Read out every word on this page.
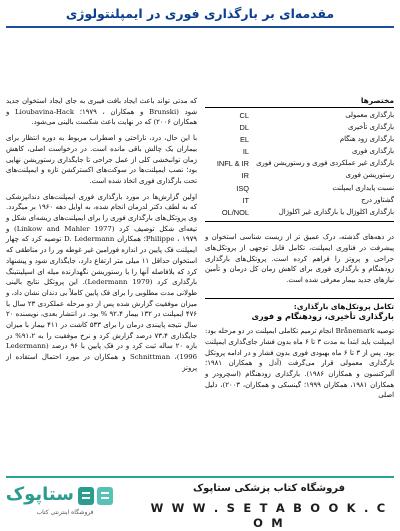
مقدمه‌ای بر بارگذاری فوری در ایمپلنتولوژی
مختصرها
بارگذاری معمولی
CL
بارگذاری تأخیری
DL
بارگذاری زود هنگام
EL
بارگذاری فوری
IL
بارگذاری غیر عملکردی فوری و رستوریشن فوری
INFL & IR
رستوریشن فوری
IR
نسبت پایداری ایمپلنت
ISQ
گشتاور درج
IT
بارگذاری اکلوژال یا بارگذاری غیر اکلوژال
OL/NOL

در دهه‌های گذشته، درک عمیق تر از زیست شناسی استخوان و پیشرفت در فناوری ایمپلنت، تکامل قابل توجهی از پروتکل‌های جراحی و پروتز را فراهم کرده است. پروتکل‌های بارگذاری زودهنگام و بارگذاری فوری برای کاهش زمان کل درمان و تأمین نیازهای جدید بیمار معرفی شده است.

تکامل پروتکل‌های بارگذاری:
بارگذاری تأخیری، زودهنگام و فوری

توصیه Brånemark انجام ترمیم تکاملی ایمپلنت در دو مرحله بود: ایمپلنت باید ابتدا به مدت ۳ تا ۶ ماه بدون فشار جای‌گذاری ایمپلنت بود. پس از ۳ تا ۶ ماه بهبودی فوری بدون فشار و در ادامه پروتکل بارگذاری معمولی قرار می‌گرفت (آدل و همکاران ۱۹۸۱؛ آلبرکتسون و همکاران ۱۹۸۶). بارگذاری زودهنگام (اسچرودر و همکاران ۱۹۸۱، همکاران ۱۹۹۹؛ گینسکی و همکاران، ۲۰۰۳)، دلیل اصلی

که مدتی تواند باعث ایجاد بافت فیبری به جای ایجاد استخوان جدید شود (Brunski و همکاران ، ۱۹۷۹؛ Lioubavina-Hack و همکاران ۲۰۰۶) که در نهایت باعث شکست بالینی می‌شود.

با این حال، درد، ناراحتی و اضطراب مربوط به دوره انتظار برای بیماران یک چالش باقی مانده است. در درخواست اصلی، کاهش زمان توانبخشی کلی از عمل جراحی تا جایگذاری رستوریشن نهایی بود؛ نصب ایمپلنت‌ها در سوکت‌های اکسترکشن تازه و ایمپلنت‌های تحت بارگذاری فوری اتخاذ شده است.

اولین گزارش‌ها در مورد بارگذاری فوری ایمپلنت‌های دندانپزشکی که به لطف دکتر لدرمان انجام شده، به اوایل دهه ۱۹۶۰ بر میگردد. وی پروتکل‌های بارگذاری فوری را برای ایمپلنت‌های ریشه‌ای شکل و تیغه‌ای شکل توصیف کرد (Linkow and Mahler 1977) و Philippe ، ۱۹۷۹؛ همکاران D. Ledermann توصیه کرد که چهار ایمپلنت فک پایین در اندازه فورامین غیر غوطه ور را در مناطقی که استخوان حداقل ۱۱ میلی متر ارتفاع دارد، جایگذاری شود و پیشنهاد کرد که بلافاصله آنها را با رستوریشن نگهدارنده میله ای اسپلینتینگ بارگذاری کرد (Ledermann 1979). این پروتکل نتایج بالینی طولانی مدت مطلوبی را برای فک پایین کاملاً بی دندان نشان داد، و میزان موفقیت گزارش شده پس از دو مرحله عملکردی ۲۳ سال با ۴۷۶ ایمپلنت در ۱۳۲ بیمار ۹۲،۴ % بود. در انتشار بعدی، نویسنده ۲۰ سال نتیجه پایبندی درمان را برای ۵۳۳ کاشت در ۴۱۱ بیمار با میزان جایگذاری ۷۳،۴ درصد گزارش کرد و نرخ موفقیت را به ۹۱،۲% در بازه ۲۰ ساله ثبت کرد و در فک پایین با ۹۶ درصد (Ledermann 1996)، Schnittman و همکاران در مورد احتمال استفاده از پروتز

ستاپوک
فروشگاه اینترنتی کتاب
فروشگاه کتاب پزشکی ستاپوک
W W W . S E T A B O O K . C O M
